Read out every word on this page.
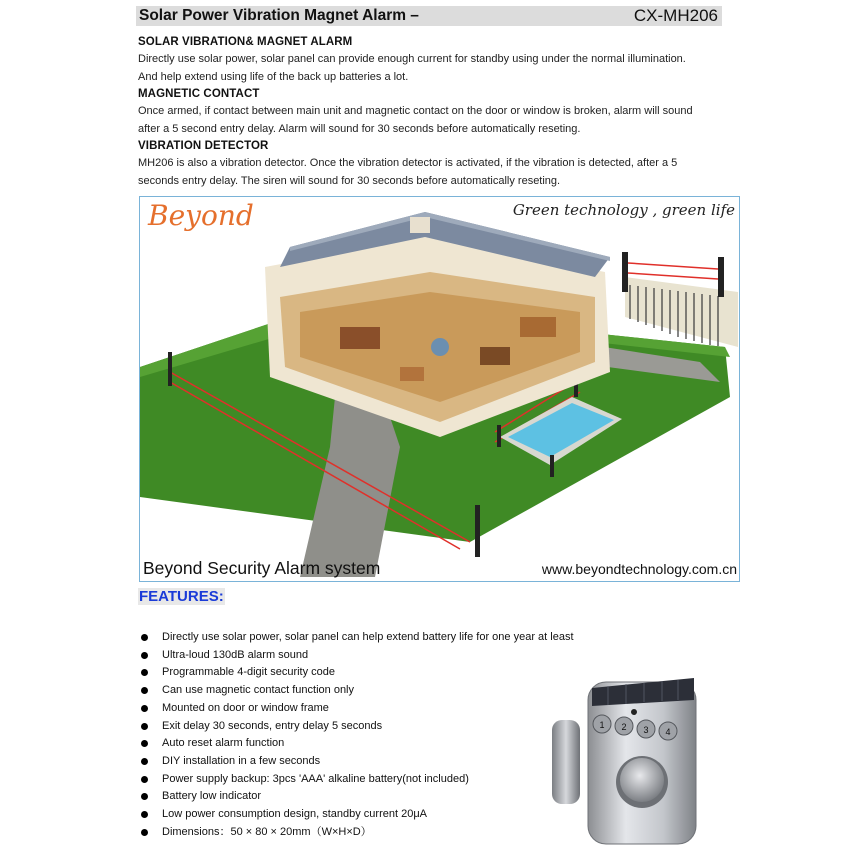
Solar Power Vibration Magnet Alarm –	CX-MH206

SOLAR VIBRATION& MAGNET ALARM

Directly use solar power, solar panel can provide enough current for standby using under the normal illumination.

And help extend using life of the back up batteries a lot.

MAGNETIC CONTACT

Once armed, if contact between main unit and magnetic contact on the door or window is broken, alarm will sound

after a 5 second entry delay. Alarm will sound for 30 seconds before automatically reseting.

VIBRATION DETECTOR

MH206 is also a vibration detector. Once the vibration detector is activated, if the vibration is detected, after a 5

seconds entry delay. The siren will sound for 30 seconds before automatically reseting.

Beyond	Green technology , green life
Beyond Security Alarm system	www.beyondtechnology.com.cn
FEATURES:
Directly use solar power, solar panel can help extend battery life for one year at least
Ultra-loud 130dB alarm sound
Programmable 4-digit security code
Can use magnetic contact function only
Mounted on door or window frame
Exit delay 30 seconds, entry delay 5 seconds
Auto reset alarm function
DIY installation in a few seconds
Power supply backup: 3pcs 'AAA' alkaline battery(not included)
Battery low indicator
Low power consumption design, standby current 20μA
Dimensions：50 × 80 × 20mm（W×H×D）
1 2 3 4
